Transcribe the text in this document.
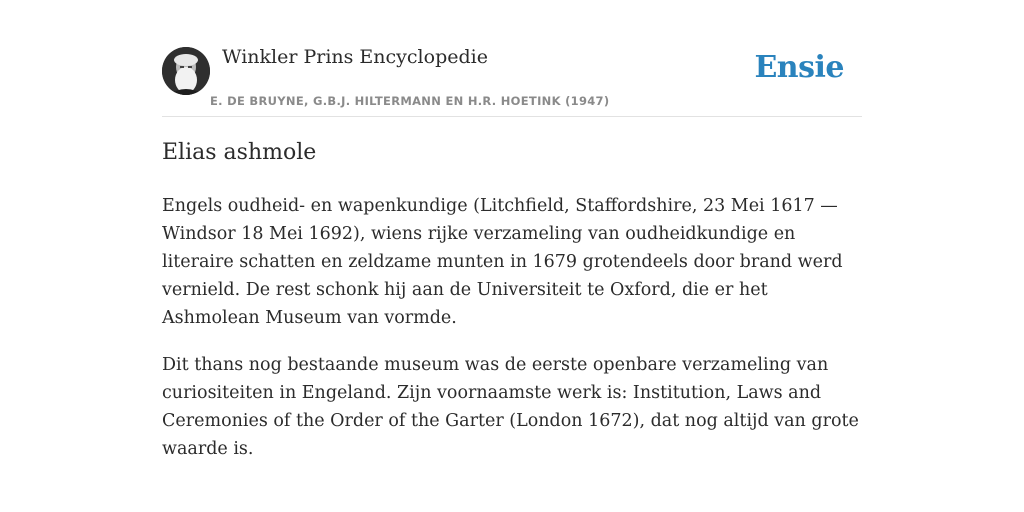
Winkler Prins Encyclopedie
E. DE BRUYNE, G.B.J. HILTERMANN EN H.R. HOETINK (1947)
Ensie
Elias ashmole

Engels oudheid- en wapenkundige (Litchfield, Staffordshire, 23 Mei 1617 — Windsor 18 Mei 1692), wiens rijke verzameling van oudheidkundige en literaire schatten en zeldzame munten in 1679 grotendeels door brand werd vernield. De rest schonk hij aan de Universiteit te Oxford, die er het Ashmolean Museum van vormde.

Dit thans nog bestaande museum was de eerste openbare verzameling van curiositeiten in Engeland. Zijn voornaamste werk is: Institution, Laws and Ceremonies of the Order of the Garter (London 1672), dat nog altijd van grote waarde is.
